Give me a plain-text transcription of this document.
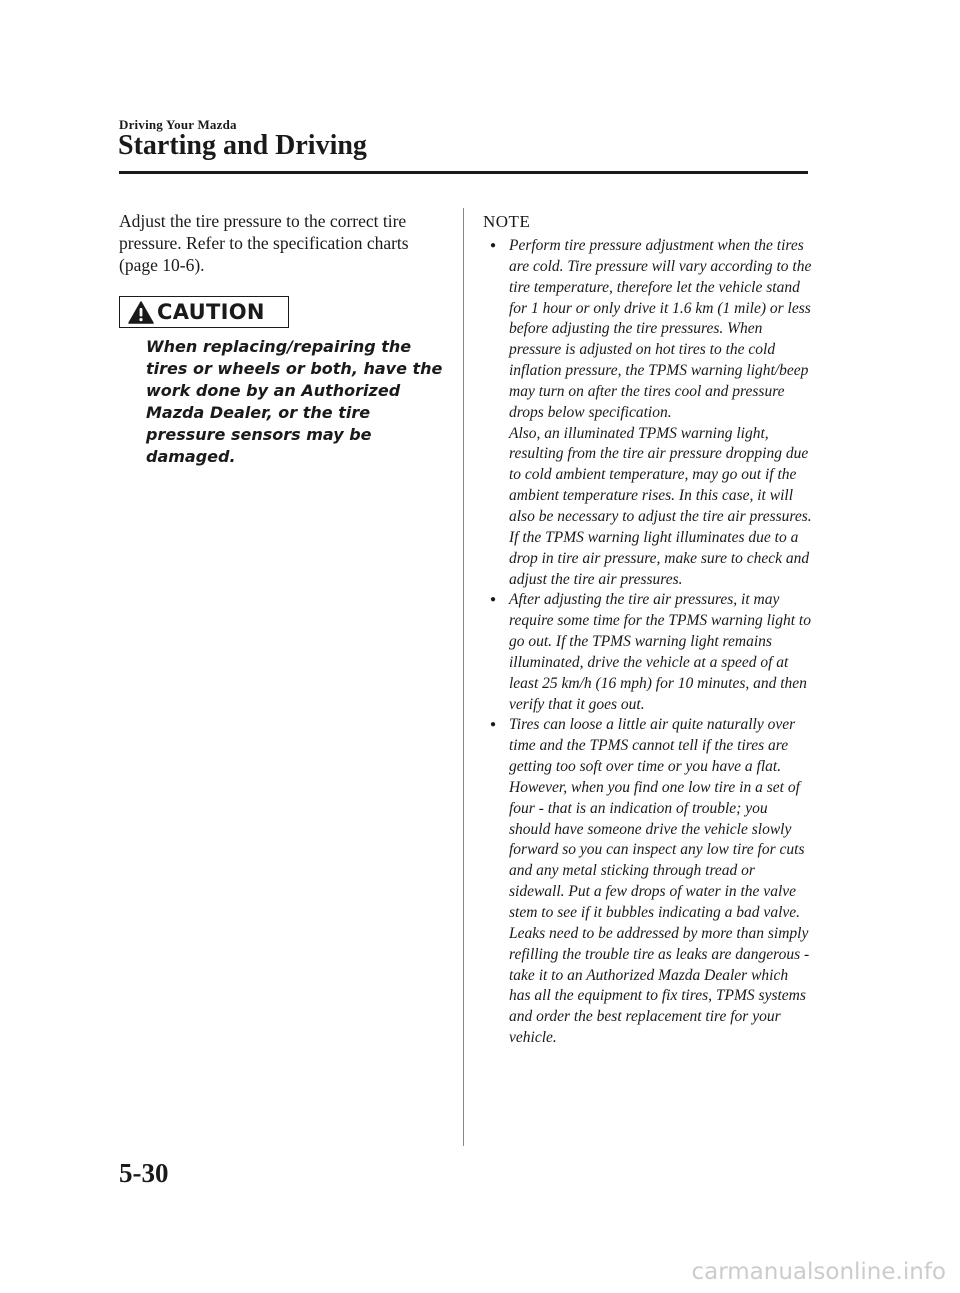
Driving Your Mazda
Starting and Driving

Adjust the tire pressure to the correct tire pressure. Refer to the specification charts (page 10-6).

CAUTION
When replacing/repairing the tires or wheels or both, have the work done by an Authorized Mazda Dealer, or the tire pressure sensors may be damaged.
NOTE
● Perform tire pressure adjustment when the tires are cold. Tire pressure will vary according to the tire temperature, therefore let the vehicle stand for 1 hour or only drive it 1.6 km (1 mile) or less before adjusting the tire pressures. When pressure is adjusted on hot tires to the cold inflation pressure, the TPMS warning light/beep may turn on after the tires cool and pressure drops below specification.
Also, an illuminated TPMS warning light, resulting from the tire air pressure dropping due to cold ambient temperature, may go out if the ambient temperature rises. In this case, it will also be necessary to adjust the tire air pressures. If the TPMS warning light illuminates due to a drop in tire air pressure, make sure to check and adjust the tire air pressures.
● After adjusting the tire air pressures, it may require some time for the TPMS warning light to go out. If the TPMS warning light remains illuminated, drive the vehicle at a speed of at least 25 km/h (16 mph) for 10 minutes, and then verify that it goes out.
● Tires can loose a little air quite naturally over time and the TPMS cannot tell if the tires are getting too soft over time or you have a flat. However, when you find one low tire in a set of four - that is an indication of trouble; you should have someone drive the vehicle slowly forward so you can inspect any low tire for cuts and any metal sticking through tread or sidewall. Put a few drops of water in the valve stem to see if it bubbles indicating a bad valve. Leaks need to be addressed by more than simply refilling the trouble tire as leaks are dangerous - take it to an Authorized Mazda Dealer which has all the equipment to fix tires, TPMS systems and order the best replacement tire for your vehicle.
5-30
carmanualsonline.info
